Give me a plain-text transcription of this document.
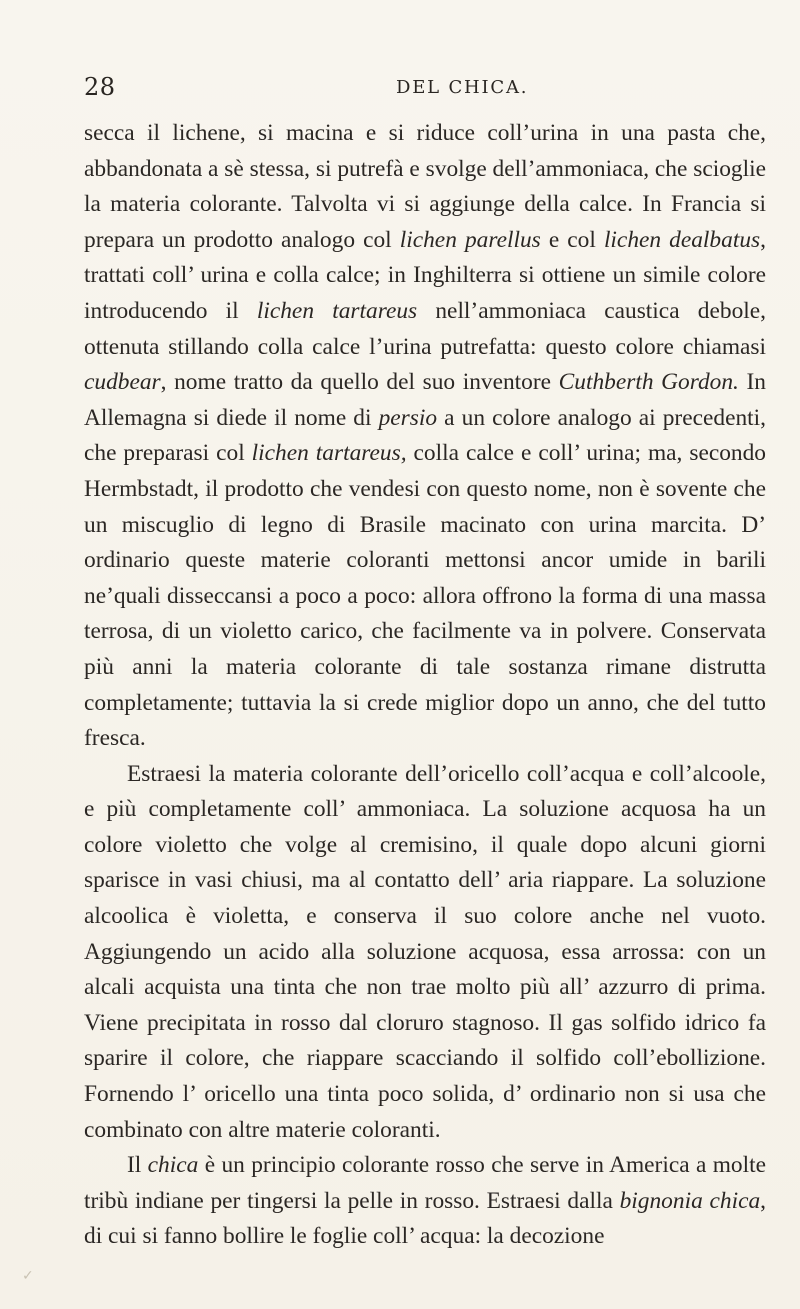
28	DEL CHICA.

secca il lichene, si macina e si riduce coll’urina in una pasta che, abbandonata a sè stessa, si putrefà e svolge dell’ammoniaca, che scioglie la materia colorante. Talvolta vi si aggiunge della calce. In Francia si prepara un prodotto analogo col lichen parellus e col lichen dealbatus, trattati coll’ urina e colla calce; in Inghilterra si ottiene un simile colore introducendo il lichen tartareus nell’ammoniaca caustica debole, ottenuta stillando colla calce l’urina putrefatta: questo colore chiamasi cudbear, nome tratto da quello del suo inventore Cuthberth Gordon. In Allemagna si diede il nome di persio a un colore analogo ai precedenti, che preparasi col lichen tartareus, colla calce e coll’ urina; ma, secondo Hermbstadt, il prodotto che vendesi con questo nome, non è sovente che un miscuglio di legno di Brasile macinato con urina marcita. D’ ordinario queste materie coloranti mettonsi ancor umide in barili ne’quali disseccansi a poco a poco: allora offrono la forma di una massa terrosa, di un violetto carico, che facilmente va in polvere. Conservata più anni la materia colorante di tale sostanza rimane distrutta completamente; tuttavia la si crede miglior dopo un anno, che del tutto fresca.

Estraesi la materia colorante dell’oricello coll’acqua e coll’alcoole, e più completamente coll’ ammoniaca. La soluzione acquosa ha un colore violetto che volge al cremisino, il quale dopo alcuni giorni sparisce in vasi chiusi, ma al contatto dell’ aria riappare. La soluzione alcoolica è violetta, e conserva il suo colore anche nel vuoto. Aggiungendo un acido alla soluzione acquosa, essa arrossa: con un alcali acquista una tinta che non trae molto più all’ azzurro di prima. Viene precipitata in rosso dal cloruro stagnoso. Il gas solfido idrico fa sparire il colore, che riappare scacciando il solfido coll’ebollizione. Fornendo l’ oricello una tinta poco solida, d’ ordinario non si usa che combinato con altre materie coloranti.

Il chica è un principio colorante rosso che serve in America a molte tribù indiane per tingersi la pelle in rosso. Estraesi dalla bignonia chica, di cui si fanno bollire le foglie coll’ acqua: la decozione

✓
